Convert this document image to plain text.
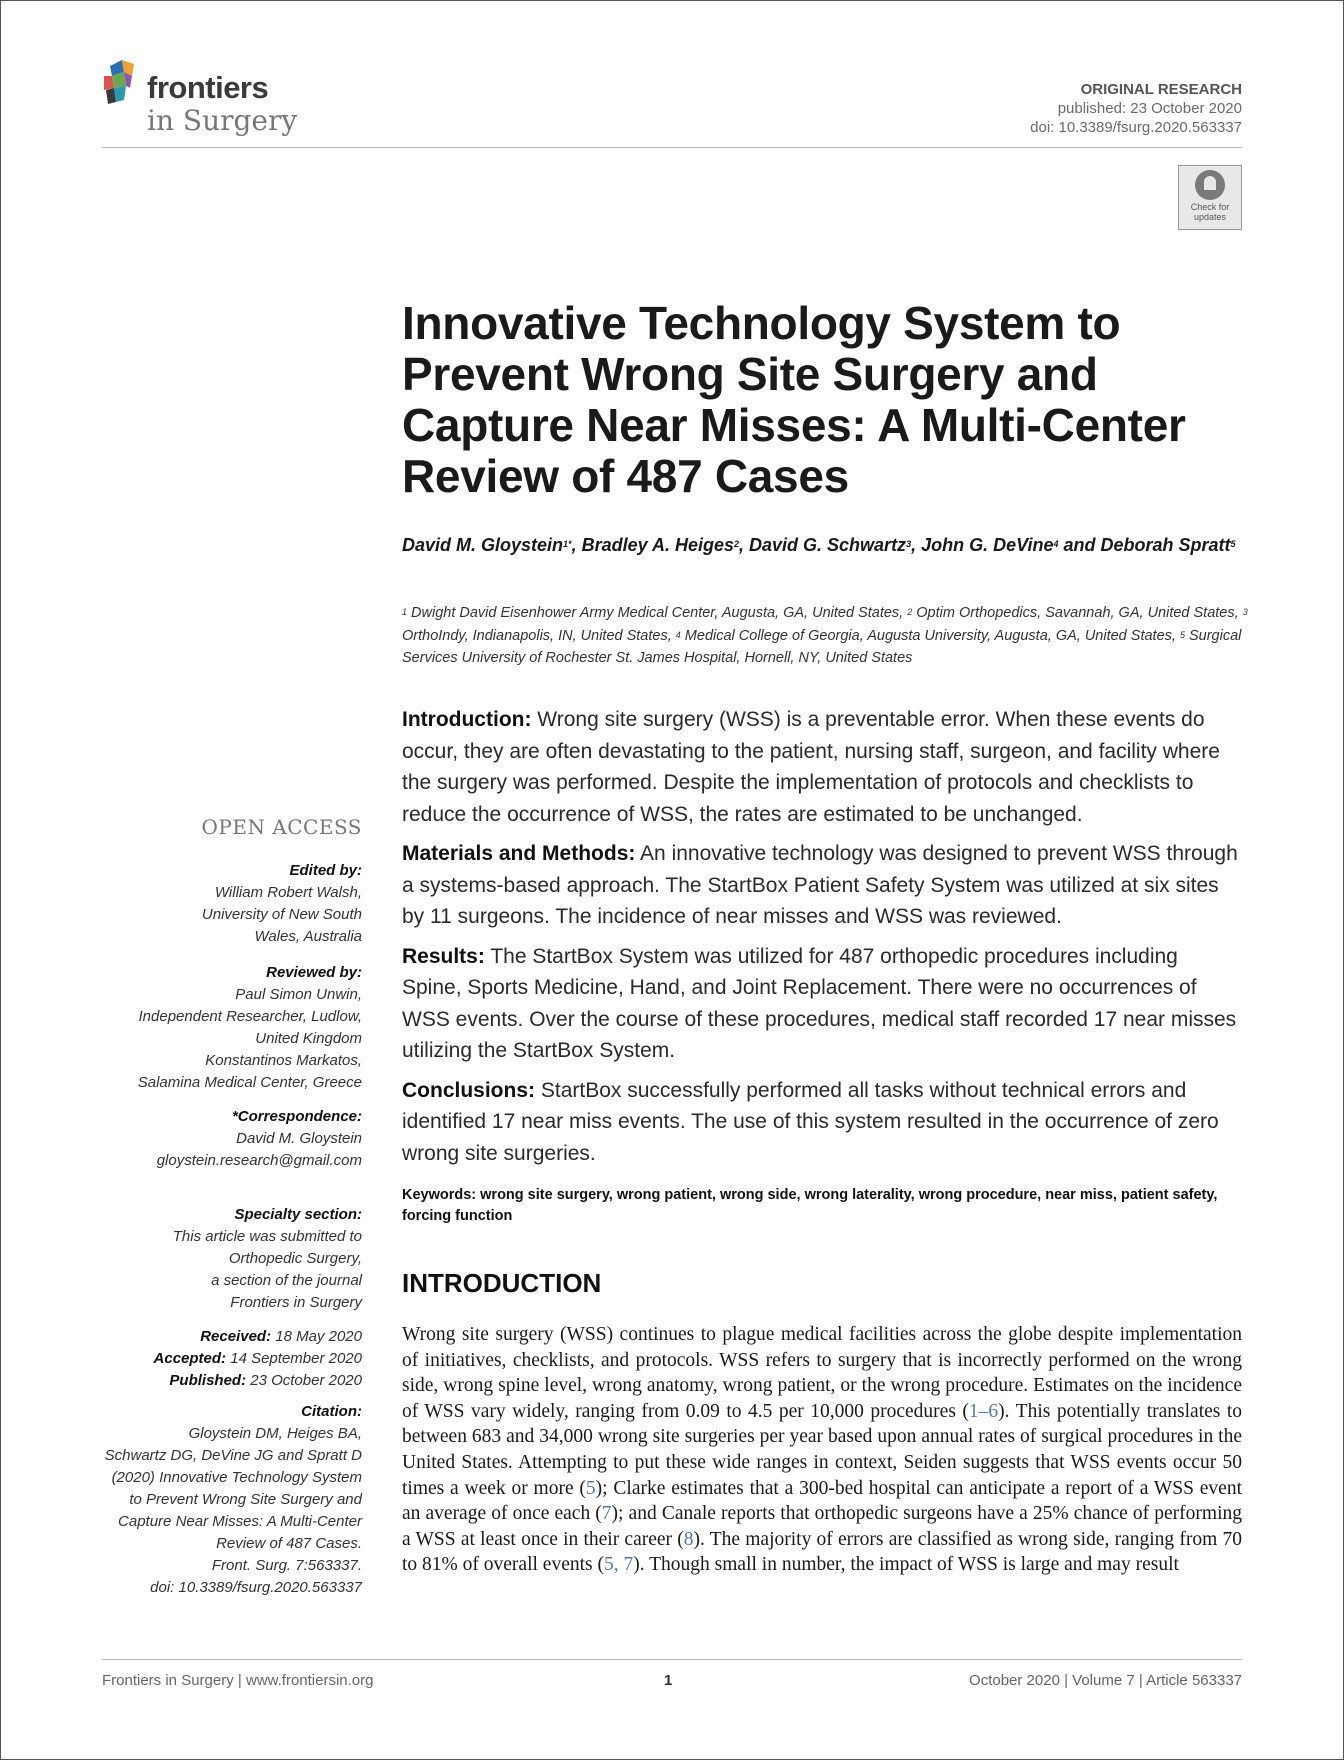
frontiers
in Surgery
ORIGINAL RESEARCH
published: 23 October 2020
doi: 10.3389/fsurg.2020.563337
Check for updates
Innovative Technology System to Prevent Wrong Site Surgery and Capture Near Misses: A Multi-Center Review of 487 Cases
David M. Gloystein$^{1*}$, Bradley A. Heiges$^2$, David G. Schwartz$^3$, John G. DeVine$^4$ and Deborah Spratt$^5$
$^1$ Dwight David Eisenhower Army Medical Center, Augusta, GA, United States, $^2$ Optim Orthopedics, Savannah, GA, United States, $^3$ OrthoIndy, Indianapolis, IN, United States, $^4$ Medical College of Georgia, Augusta University, Augusta, GA, United States, $^5$ Surgical Services University of Rochester St. James Hospital, Hornell, NY, United States

Introduction: Wrong site surgery (WSS) is a preventable error. When these events do occur, they are often devastating to the patient, nursing staff, surgeon, and facility where the surgery was performed. Despite the implementation of protocols and checklists to reduce the occurrence of WSS, the rates are estimated to be unchanged.

Materials and Methods: An innovative technology was designed to prevent WSS through a systems-based approach. The StartBox Patient Safety System was utilized at six sites by 11 surgeons. The incidence of near misses and WSS was reviewed.

Results: The StartBox System was utilized for 487 orthopedic procedures including Spine, Sports Medicine, Hand, and Joint Replacement. There were no occurrences of WSS events. Over the course of these procedures, medical staff recorded 17 near misses utilizing the StartBox System.

Conclusions: StartBox successfully performed all tasks without technical errors and identified 17 near miss events. The use of this system resulted in the occurrence of zero wrong site surgeries.

Keywords: wrong site surgery, wrong patient, wrong side, wrong laterality, wrong procedure, near miss, patient safety, forcing function
INTRODUCTION
Wrong site surgery (WSS) continues to plague medical facilities across the globe despite implementation of initiatives, checklists, and protocols. WSS refers to surgery that is incorrectly performed on the wrong side, wrong spine level, wrong anatomy, wrong patient, or the wrong procedure. Estimates on the incidence of WSS vary widely, ranging from 0.09 to 4.5 per 10,000 procedures (1–6). This potentially translates to between 683 and 34,000 wrong site surgeries per year based upon annual rates of surgical procedures in the United States. Attempting to put these wide ranges in context, Seiden suggests that WSS events occur 50 times a week or more (5); Clarke estimates that a 300-bed hospital can anticipate a report of a WSS event an average of once each (7); and Canale reports that orthopedic surgeons have a 25% chance of performing a WSS at least once in their career (8). The majority of errors are classified as wrong side, ranging from 70 to 81% of overall events (5, 7). Though small in number, the impact of WSS is large and may result
OPEN ACCESS
Edited by:
William Robert Walsh,
University of New South
Wales, Australia
Reviewed by:
Paul Simon Unwin,
Independent Researcher, Ludlow,
United Kingdom
Konstantinos Markatos,
Salamina Medical Center, Greece
*Correspondence:
David M. Gloystein
gloystein.research@gmail.com
Specialty section:
This article was submitted to
Orthopedic Surgery,
a section of the journal
Frontiers in Surgery
Received: 18 May 2020
Accepted: 14 September 2020
Published: 23 October 2020
Citation:
Gloystein DM, Heiges BA,
Schwartz DG, DeVine JG and Spratt D
(2020) Innovative Technology System
to Prevent Wrong Site Surgery and
Capture Near Misses: A Multi-Center
Review of 487 Cases.
Front. Surg. 7:563337.
doi: 10.3389/fsurg.2020.563337
Frontiers in Surgery | www.frontiersin.org	1	October 2020 | Volume 7 | Article 563337
